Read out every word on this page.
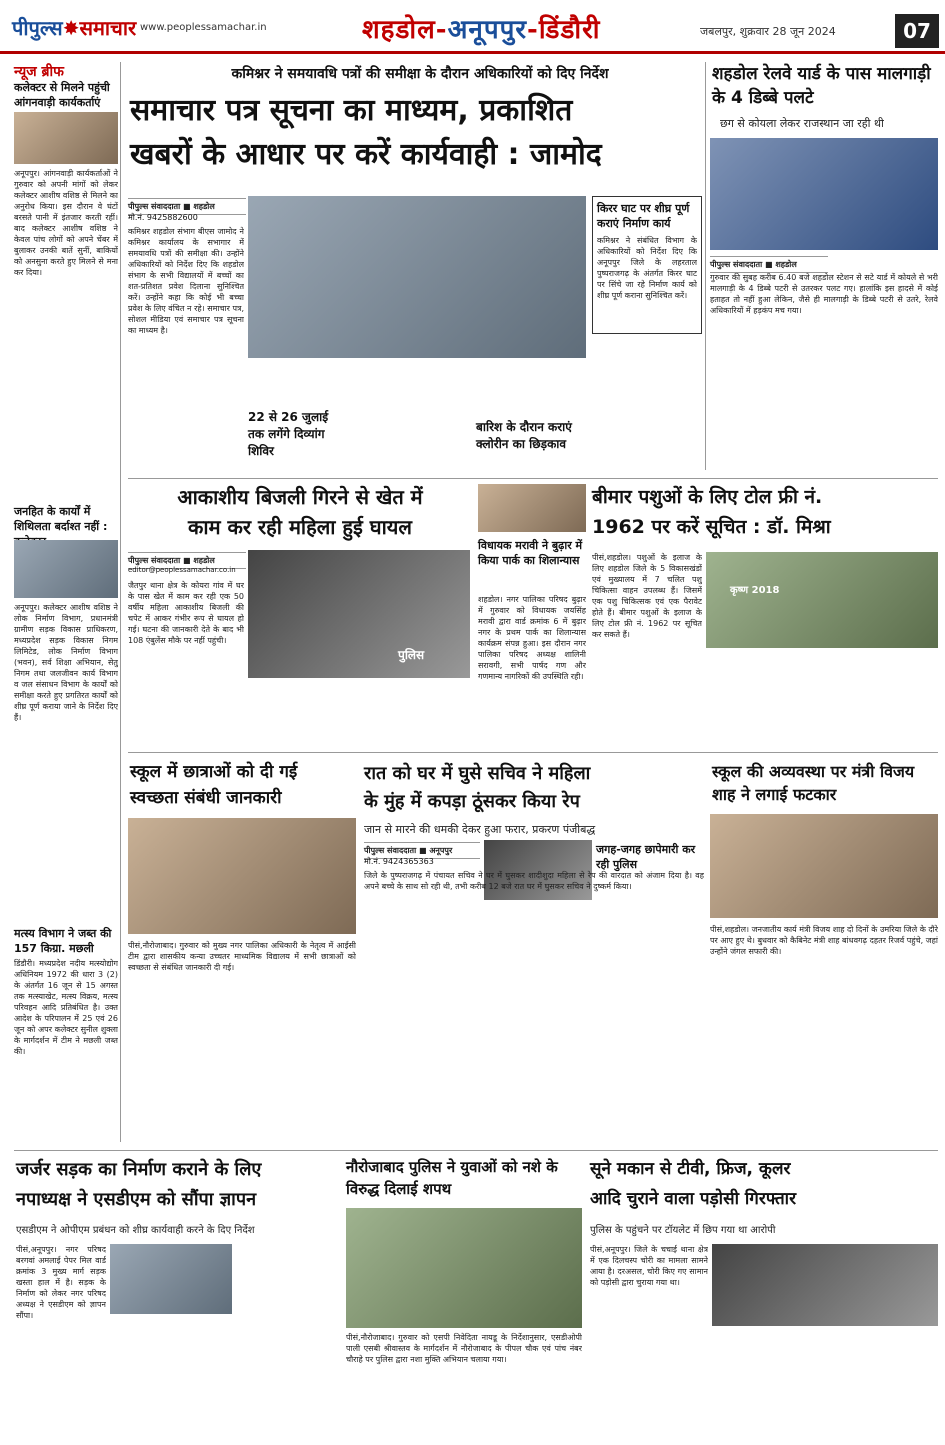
पीपुल्स✸समाचार www.peoplessamachar.in	शहडोल-अनूपपुर-डिंडौरी	जबलपुर, शुक्रवार 28 जून 2024	07
न्यूज ब्रीफ
कलेक्टर से मिलने पहुंची आंगनवाड़ी कार्यकर्ताएं
अनूपपुर। आंगनवाड़ी कार्यकर्ताओं ने गुरुवार को अपनी मांगों को लेकर कलेक्टर आशीष वशिष्ठ से मिलने का अनुरोध किया। इस दौरान वे घंटों बरसते पानी में इंतजार करती रहीं। बाद कलेक्टर आशीष वशिष्ठ ने केवल पांच लोगों को अपने चेंबर में बुलाकर उनकी बातें सुनीं, बाकियों को अनसुना करते हुए मिलने से मना कर दिया।
जनहित के कार्यों में शिथिलता बर्दाश्त नहीं :
अनूपपुर। कलेक्टर आशीष वशिष्ठ ने लोक निर्माण विभाग, प्रधानमंत्री ग्रामीण सड़क विकास प्राधिकरण, मध्यप्रदेश सड़क विकास निगम लिमिटेड, लोक निर्माण विभाग (भवन), सर्व शिक्षा अभियान, सेतु निगम तथा जलजीवन कार्य विभाग व जल संसाधन विभाग के कार्यों को समीक्षा करते हुए प्रगतिरत कार्यों को शीघ्र पूर्ण कराया जाने के निर्देश दिए हैं।
मत्स्य विभाग ने जब्त की 157 किग्रा. मछली
डिंडौरी। मध्यप्रदेश नदीय मत्स्योद्योग अधिनियम 1972 की धारा 3 (2) के अंतर्गत 16 जून से 15 अगस्त तक मत्स्याखेट, मत्स्य विक्रय, मत्स्य परिवहन आदि प्रतिबंधित है। उक्त आदेश के परिपालन में 25 एवं 26 जून को अपर कलेक्टर सुनील शुक्ला के मार्गदर्शन में टीम ने मछली जब्त की।
कमिश्नर ने समयावधि पत्रों की समीक्षा के दौरान अधिकारियों को दिए निर्देश
समाचार पत्र सूचना का माध्यम, प्रकाशित
खबरों के आधार पर करें कार्यवाही : जामोद
पीपुल्स संवाददाता ■ शहडोल
मो.नं. 9425882600
कमिश्नर शहडोल संभाग बीएस जामोद ने कमिश्नर कार्यालय के सभागार में समयावधि पत्रों की समीक्षा की। उन्होंने अधिकारियों को निर्देश दिए कि शहडोल संभाग के सभी विद्यालयों में बच्चों का शत-प्रतिशत प्रवेश दिलाना सुनिश्चित करें। उन्होंने कहा कि कोई भी बच्चा प्रवेश के लिए वंचित न रहे। समाचार पत्र, सोशल मीडिया एवं समाचार पत्र सूचना का माध्यम है।
22 से 26 जुलाई तक लगेंगे दिव्यांग शिविर
बारिश के दौरान कराएं क्लोरीन का छिड़काव
किरर घाट पर शीघ्र पूर्ण कराएं निर्माण कार्य
कमिश्नर ने संबंधित विभाग के अधिकारियों को निर्देश दिए कि अनूपपुर जिले के लहरताल पुष्पराजगढ़ के अंतर्गत किरर घाट पर सिंचे जा रहे निर्माण कार्य को शीघ्र पूर्ण कराना सुनिश्चित करें।
शहडोल रेलवे यार्ड के पास मालगाड़ी के 4 डिब्बे पलटे
छग से कोयला लेकर राजस्थान जा रही थी
पीपुल्स संवाददाता ■ शहडोल
गुरुवार की सुबह करीब 6.40 बजे शहडोल स्टेशन से सटे यार्ड में कोयले से भरी मालगाड़ी के 4 डिब्बे पटरी से उतरकर पलट गए। हालांकि इस हादसे में कोई हताहत तो नहीं हुआ लेकिन, जैसे ही मालगाड़ी के डिब्बे पटरी से उतरे, रेलवे अधिकारियों में हड़कंप मच गया।
आकाशीय बिजली गिरने से खेत में
काम कर रही महिला हुई घायल
पीपुल्स संवाददाता ■ शहडोल
editor@peoplessamachar.co.in
पुलिस
जैतपुर थाना क्षेत्र के कोयरा गांव में घर के पास खेत में काम कर रही एक 50 वर्षीय महिला आकाशीय बिजली की चपेट में आकर गंभीर रूप से घायल हो गई। घटना की जानकारी देते के बाद भी 108 एंबुलेंस मौके पर नहीं पहुंची।
विधायक मरावी ने बुढ़ार में किया पार्क का शिलान्यास
शहडोल। नगर पालिका परिषद बुढ़ार में गुरुवार को विधायक जयसिंह मरावी द्वारा वार्ड क्रमांक 6 में बुढ़ार नगर के प्रथम पार्क का शिलान्यास कार्यक्रम संपन्न हुआ। इस दौरान नगर पालिका परिषद अध्यक्ष शालिनी सरावगी, सभी पार्षद गण और गणमान्य नागरिकों की उपस्थिति रही।
बीमार पशुओं के लिए टोल फ्री नं.
1962 पर करें सूचित : डॉ. मिश्रा
कृष्ण 2018
पीसं,शहडोल। पशुओं के इलाज के लिए शहडोल जिले के 5 विकासखंडों एवं मुख्यालय में 7 चलित पशु चिकित्सा वाहन उपलब्ध हैं। जिसमें एक पशु चिकित्सक एवं एक पैरावेट होते हैं। बीमार पशुओं के इलाज के लिए टोल फ्री नं. 1962 पर सूचित कर सकते हैं।
स्कूल में छात्राओं को दी गई
स्वच्छता संबंधी जानकारी
पीसं,नौरोजाबाद। गुरुवार को मुख्य नगर पालिका अधिकारी के नेतृत्व में आईसी टीम द्वारा शासकीय कन्या उच्चतर माध्यमिक विद्यालय में सभी छात्राओं को स्वच्छता से संबंधित जानकारी दी गई।
रात को घर में घुसे सचिव ने महिला
के मुंह में कपड़ा ठूंसकर किया रेप
जान से मारने की धमकी देकर हुआ फरार, प्रकरण पंजीबद्ध
पीपुल्स संवाददाता ■ अनूपपुर
मो.नं. 9424365363
जगह-जगह छापेमारी कर रही पुलिस
जिले के पुष्पराजगढ़ में पंचायत सचिव ने घर में घुसकर शादीशुदा महिला से रेप की वारदात को अंजाम दिया है। वह अपने बच्चे के साथ सो रही थी, तभी करीब 12 बजे रात घर में घुसकर सचिव ने दुष्कर्म किया।
स्कूल की अव्यवस्था पर मंत्री विजय शाह ने लगाई फटकार
पीसं,शहडोल। जनजातीय कार्य मंत्री विजय शाह दो दिनों के उमरिया जिले के दौरे पर आए हुए थे। बुधवार को कैबिनेट मंत्री शाह बांधवगढ़ दहतर रिजर्व पहुंचे, जहां उन्होंने जंगल सफारी की।
जर्जर सड़क का निर्माण कराने के लिए
नपाध्यक्ष ने एसडीएम को सौंपा ज्ञापन
एसडीएम ने ओपीएम प्रबंधन को शीघ्र कार्यवाही करने के दिए निर्देश
पीसं,अनूपपुर। नगर परिषद बरगवां अमलाई पेपर मिल वार्ड क्रमांक 3 मुख्य मार्ग सड़क खस्ता हाल में है। सड़क के निर्माण को लेकर नगर परिषद अध्यक्ष ने एसडीएम को ज्ञापन सौंपा।
नौरोजाबाद पुलिस ने युवाओं को नशे के विरुद्ध दिलाई शपथ
पीसं,नौरोजाबाद। गुरुवार को एसपी निवेदिता नायडू के निर्देशानुसार, एसडीओपी पाली एसबी श्रीवास्तव के मार्गदर्शन में नौरोजाबाद के पीपल चौक एवं पांच नंबर चौराहे पर पुलिस द्वारा नशा मुक्ति अभियान चलाया गया।
सूने मकान से टीवी, फ्रिज, कूलर
आदि चुराने वाला पड़ोसी गिरफ्तार
पुलिस के पहुंचने पर टॉयलेट में छिप गया था आरोपी
पीसं,अनूपपुर। जिले के चचाई थाना क्षेत्र में एक दिलचस्प चोरी का मामला सामने आया है। दरअसल, चोरी किए गए सामान को पड़ोसी द्वारा चुराया गया था।
